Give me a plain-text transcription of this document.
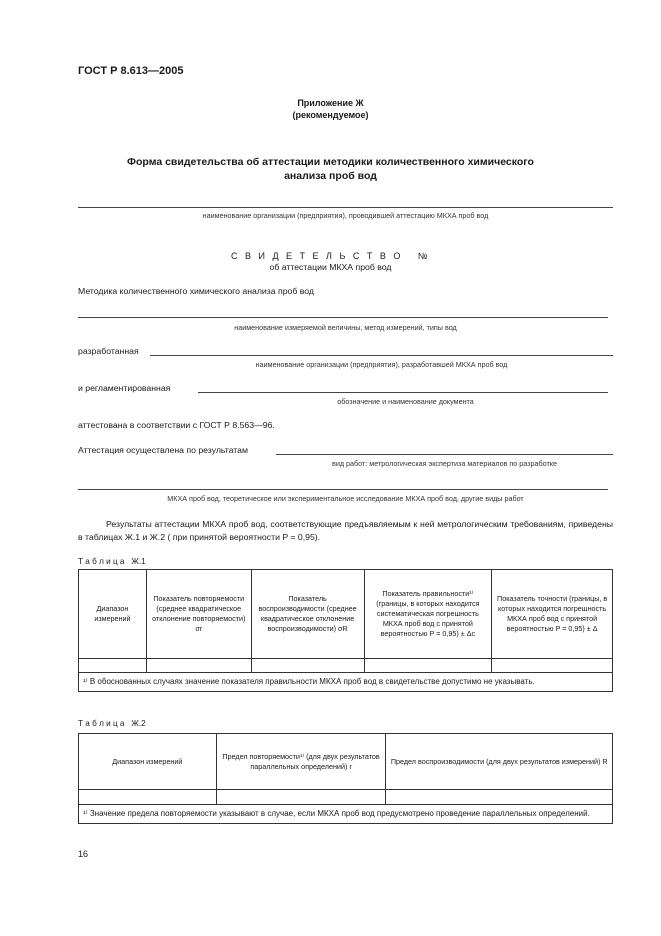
ГОСТ Р 8.613—2005
Приложение Ж
(рекомендуемое)
Форма свидетельства об аттестации методики количественного химического анализа проб вод
наименование организации (предприятия), проводившей аттестацию МКХА проб вод
С В И Д Е Т Е Л Ь С Т В О   №
об аттестации МКХА проб вод
Методика количественного химического анализа проб вод
наименование измеряемой величины, метод измерений, типы вод
разработанная
наименование организации (предприятия), разработавшей МКХА проб вод
и регламентированная
обозначение и наименование документа
аттестована в соответствии с ГОСТ Р 8.563—96.
Аттестация осуществлена по результатам
вид работ: метрологическая экспертиза материалов по разработке
МКХА проб вод, теоретическое или экспериментальное исследование МКХА проб вод, другие виды работ
Результаты аттестации МКХА проб вод, соответствующие предъявляемым к ней метрологическим требованиям, приведены в таблицах Ж.1 и Ж.2 ( при принятой вероятности P = 0,95).
Т а б л и ц а   Ж.1
Диапазон измерений	Показатель повторяемости (среднее квадратическое отклонение повторяемости) σr	Показатель воспроизводимости (среднее квадратическое отклонение воспроизводимости) σR	Показатель правильности¹⁾ (границы, в которых находится систематическая погрешность МКХА проб вод с принятой вероятностью P = 0,95) ± Δс	Показатель точности (границы, в которых находится погрешность МКХА проб вод с принятой вероятностью P = 0,95) ± Δ

¹⁾ В обоснованных случаях значение показателя правильности МКХА проб вод в свидетельстве допустимо не указывать.				
Т а б л и ц а   Ж.2
Диапазон измерений	Предел повторяемости¹⁾ (для двух результатов параллельных определений) r	Предел воспроизводимости (для двух результатов измерений) R

¹⁾ Значение предела повторяемости указывают в случае, если МКХА проб вод предусмотрено проведение параллельных определений.		
16
